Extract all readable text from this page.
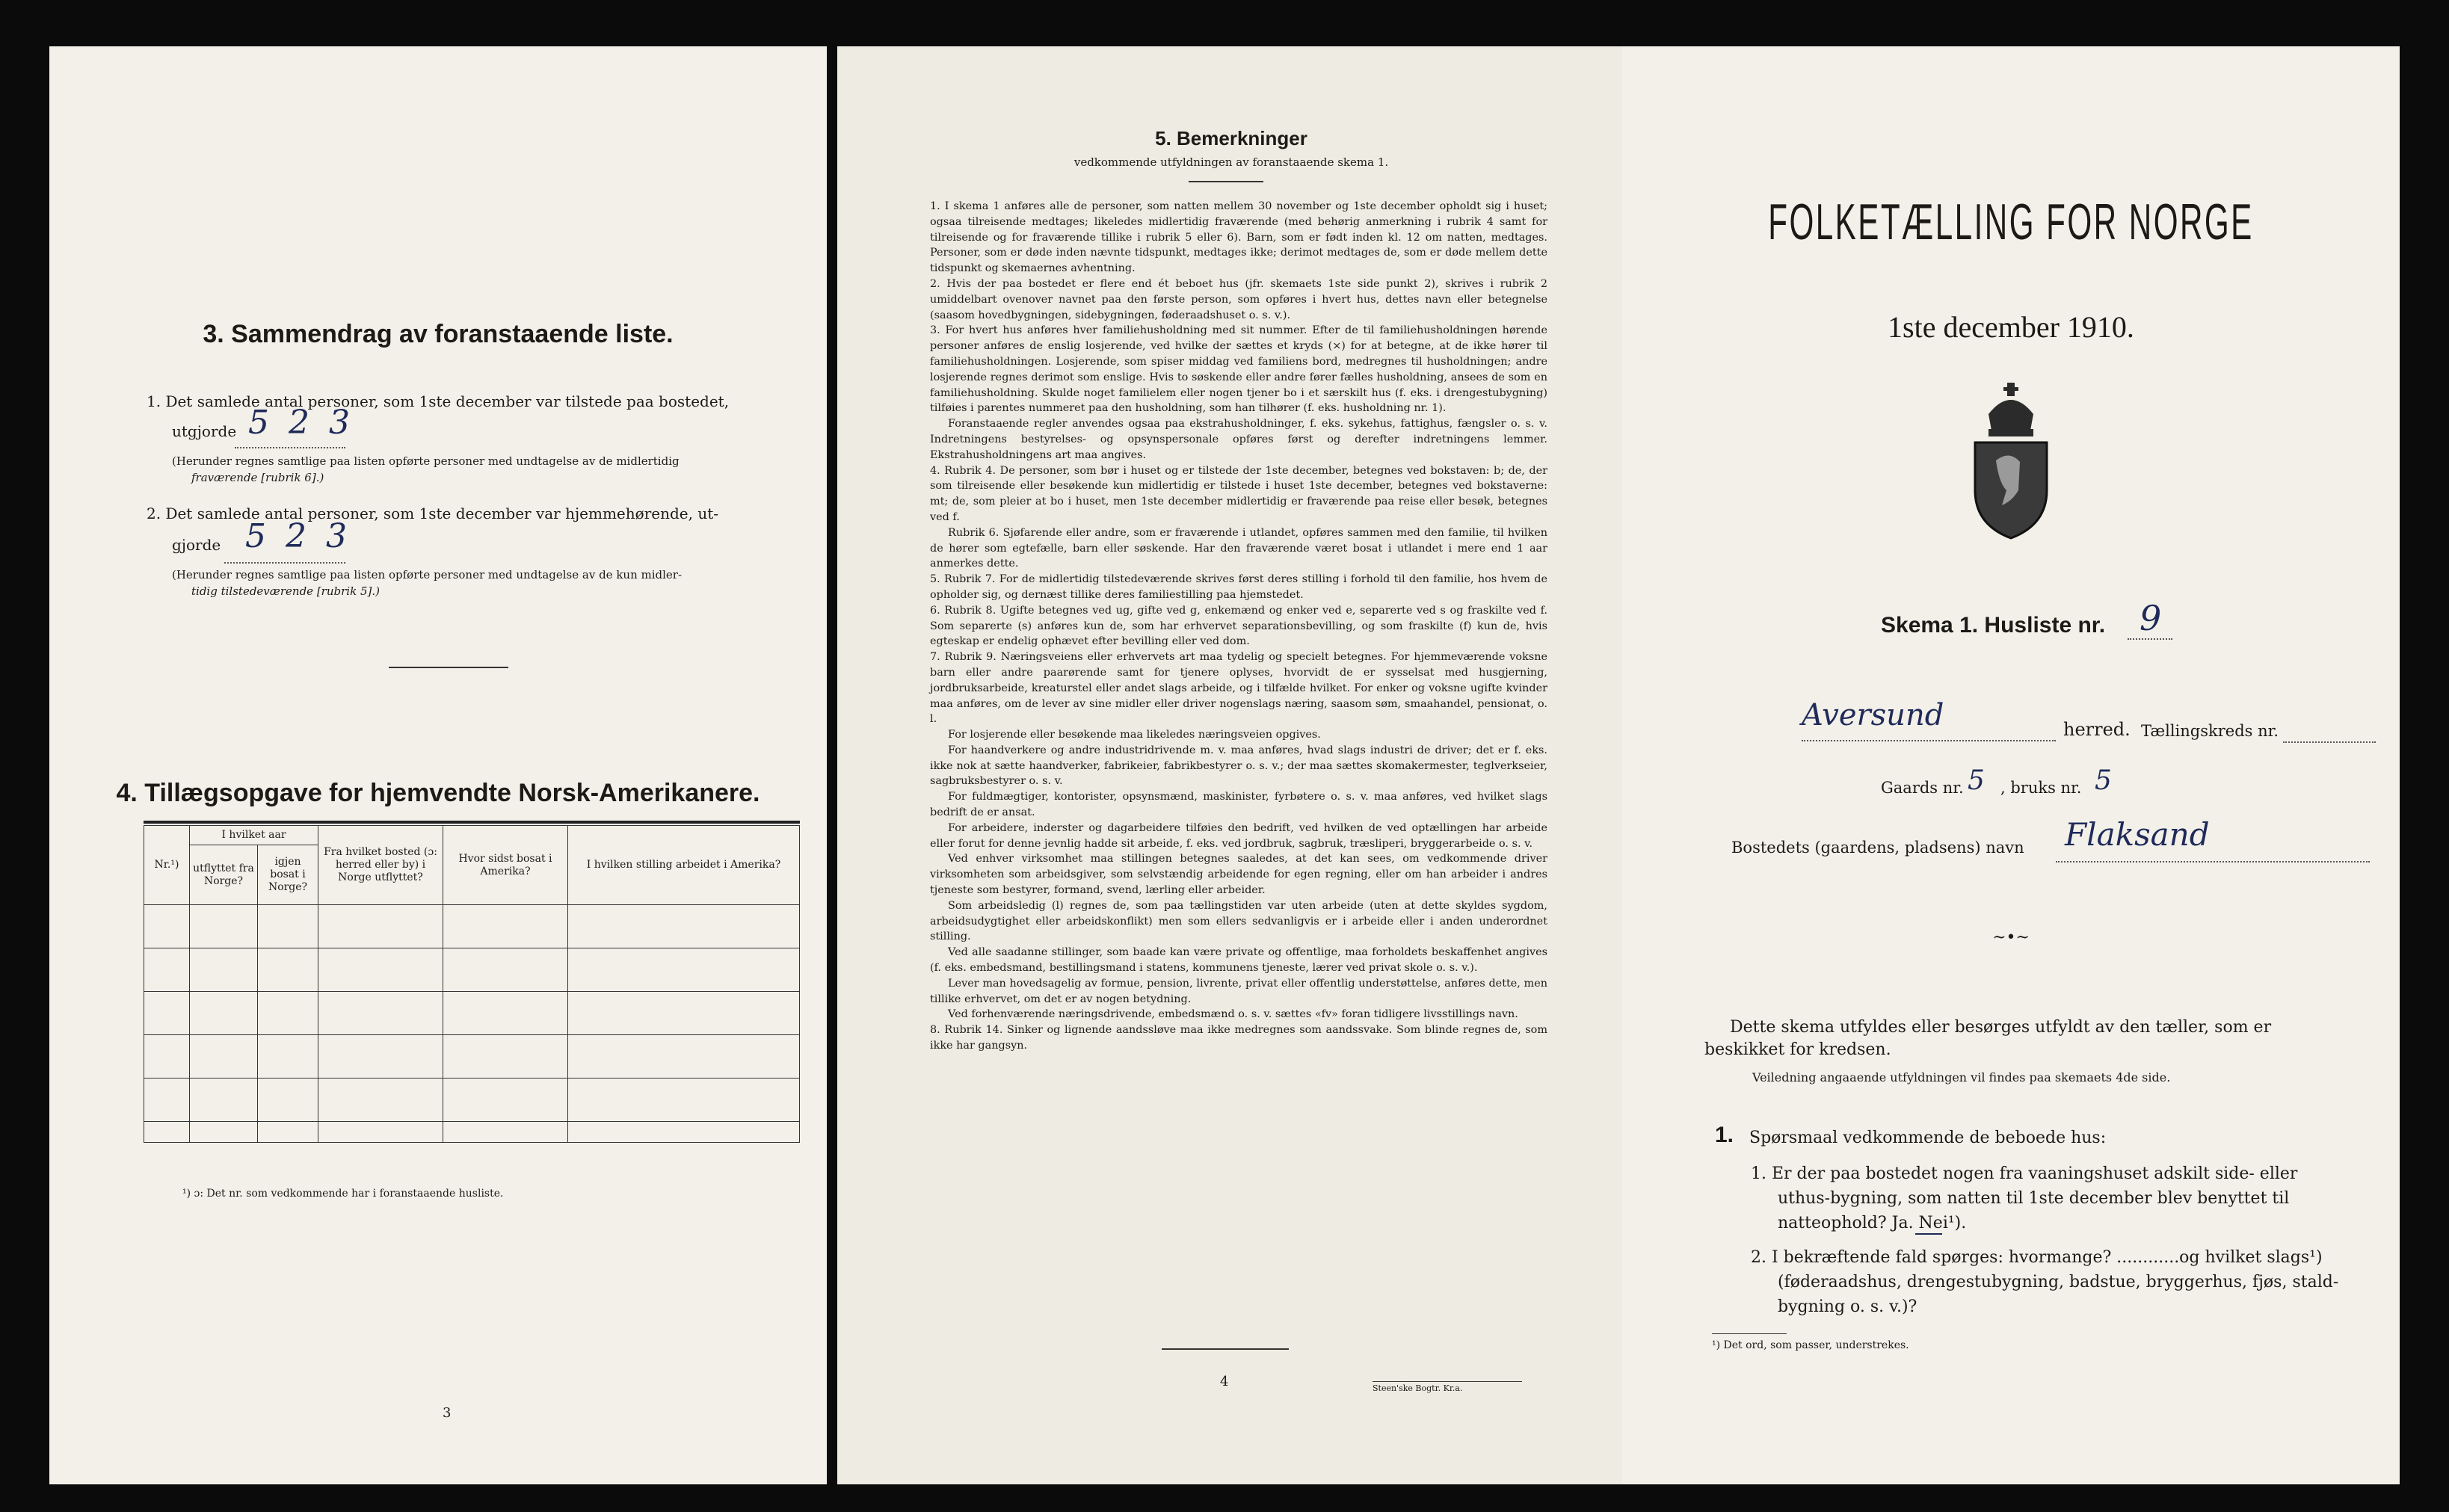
3. Sammendrag av foranstaaende liste.
1. Det samlede antal personer, som 1ste december var tilstede paa bostedet,
utgjorde 5 2 3
(Herunder regnes samtlige paa listen opførte personer med undtagelse av de midlertidig
fraværende [rubrik 6].)
2. Det samlede antal personer, som 1ste december var hjemmehørende, ut-
gjorde 5 2 3
(Herunder regnes samtlige paa listen opførte personer med undtagelse av de kun midler-
tidig tilstedeværende [rubrik 5].)
4. Tillægsopgave for hjemvendte Norsk-Amerikanere.
Nr.¹)	I hvilket aar		Fra hvilket bosted (ɔ: herred eller by) i Norge utflyttet?	Hvor sidst bosat i Amerika?	I hvilken stilling arbeidet i Amerika?
	utflyttet fra Norge?	igjen bosat i Norge?			

¹) ɔ: Det nr. som vedkommende har i foranstaaende husliste.
3
5. Bemerkninger
vedkommende utfyldningen av foranstaaende skema 1.

1. I skema 1 anføres alle de personer, som natten mellem 30 november og 1ste december opholdt sig i huset; ogsaa tilreisende medtages; likeledes midlertidig fraværende (med behørig anmerkning i rubrik 4 samt for tilreisende og for fraværende tillike i rubrik 5 eller 6). Barn, som er født inden kl. 12 om natten, medtages. Personer, som er døde inden nævnte tidspunkt, medtages ikke; derimot medtages de, som er døde mellem dette tidspunkt og skemaernes avhentning.

2. Hvis der paa bostedet er flere end ét beboet hus (jfr. skemaets 1ste side punkt 2), skrives i rubrik 2 umiddelbart ovenover navnet paa den første person, som opføres i hvert hus, dettes navn eller betegnelse (saasom hovedbygningen, sidebygningen, føderaadshuset o. s. v.).

3. For hvert hus anføres hver familiehusholdning med sit nummer. Efter de til familiehusholdningen hørende personer anføres de enslig losjerende, ved hvilke der sættes et kryds (×) for at betegne, at de ikke hører til familiehusholdningen. Losjerende, som spiser middag ved familiens bord, medregnes til husholdningen; andre losjerende regnes derimot som enslige. Hvis to søskende eller andre fører fælles husholdning, ansees de som en familiehusholdning. Skulde noget familielem eller nogen tjener bo i et særskilt hus (f. eks. i drengestubygning) tilføies i parentes nummeret paa den husholdning, som han tilhører (f. eks. husholdning nr. 1).

Foranstaaende regler anvendes ogsaa paa ekstrahusholdninger, f. eks. sykehus, fattighus, fængsler o. s. v. Indretningens bestyrelses- og opsynspersonale opføres først og derefter indretningens lemmer. Ekstrahusholdningens art maa angives.

4. Rubrik 4. De personer, som bør i huset og er tilstede der 1ste december, betegnes ved bokstaven: b; de, der som tilreisende eller besøkende kun midlertidig er tilstede i huset 1ste december, betegnes ved bokstaverne: mt; de, som pleier at bo i huset, men 1ste december midlertidig er fraværende paa reise eller besøk, betegnes ved f.

Rubrik 6. Sjøfarende eller andre, som er fraværende i utlandet, opføres sammen med den familie, til hvilken de hører som egtefælle, barn eller søskende. Har den fraværende været bosat i utlandet i mere end 1 aar anmerkes dette.

5. Rubrik 7. For de midlertidig tilstedeværende skrives først deres stilling i forhold til den familie, hos hvem de opholder sig, og dernæst tillike deres familiestilling paa hjemstedet.

6. Rubrik 8. Ugifte betegnes ved ug, gifte ved g, enkemænd og enker ved e, separerte ved s og fraskilte ved f. Som separerte (s) anføres kun de, som har erhvervet separationsbevilling, og som fraskilte (f) kun de, hvis egteskap er endelig ophævet efter bevilling eller ved dom.

7. Rubrik 9. Næringsveiens eller erhvervets art maa tydelig og specielt betegnes. For hjemmeværende voksne barn eller andre paarørende samt for tjenere oplyses, hvorvidt de er sysselsat med husgjerning, jordbruksarbeide, kreaturstel eller andet slags arbeide, og i tilfælde hvilket. For enker og voksne ugifte kvinder maa anføres, om de lever av sine midler eller driver nogenslags næring, saasom søm, smaahandel, pensionat, o. l.

For losjerende eller besøkende maa likeledes næringsveien opgives.

For haandverkere og andre industridrivende m. v. maa anføres, hvad slags industri de driver; det er f. eks. ikke nok at sætte haandverker, fabrikeier, fabrikbestyrer o. s. v.; der maa sættes skomakermester, teglverkseier, sagbruksbestyrer o. s. v.

For fuldmægtiger, kontorister, opsynsmænd, maskinister, fyrbøtere o. s. v. maa anføres, ved hvilket slags bedrift de er ansat.

For arbeidere, inderster og dagarbeidere tilføies den bedrift, ved hvilken de ved optællingen har arbeide eller forut for denne jevnlig hadde sit arbeide, f. eks. ved jordbruk, sagbruk, træsliperi, bryggerarbeide o. s. v.

Ved enhver virksomhet maa stillingen betegnes saaledes, at det kan sees, om vedkommende driver virksomheten som arbeidsgiver, som selvstændig arbeidende for egen regning, eller om han arbeider i andres tjeneste som bestyrer, formand, svend, lærling eller arbeider.

Som arbeidsledig (l) regnes de, som paa tællingstiden var uten arbeide (uten at dette skyldes sygdom, arbeidsudygtighet eller arbeidskonflikt) men som ellers sedvanligvis er i arbeide eller i anden underordnet stilling.

Ved alle saadanne stillinger, som baade kan være private og offentlige, maa forholdets beskaffenhet angives (f. eks. embedsmand, bestillingsmand i statens, kommunens tjeneste, lærer ved privat skole o. s. v.).

Lever man hovedsagelig av formue, pension, livrente, privat eller offentlig understøttelse, anføres dette, men tillike erhvervet, om det er av nogen betydning.

Ved forhenværende næringsdrivende, embedsmænd o. s. v. sættes «fv» foran tidligere livsstillings navn.

8. Rubrik 14. Sinker og lignende aandssløve maa ikke medregnes som aandssvake. Som blinde regnes de, som ikke har gangsyn.

4	Steen'ske Bogtr. Kr.a.
FOLKETÆLLING FOR NORGE
1ste december 1910.
Skema 1. Husliste nr. 9
Aversund	herred. Tællingskreds nr.
Gaards nr. 5 , bruks nr. 5
Bostedets (gaardens, pladsens) navn Flaksand
~•~
Dette skema utfyldes eller besørges utfyldt av den tæller, som er
beskikket for kredsen.
Veiledning angaaende utfyldningen vil findes paa skemaets 4de side.
1. Spørsmaal vedkommende de beboede hus:
1. Er der paa bostedet nogen fra vaaningshuset adskilt side- eller
uthus-bygning, som natten til 1ste december blev benyttet til
natteophold? Ja. Nei¹).
2. I bekræftende fald spørges: hvormange? ............og hvilket slags¹)
(føderaadshus, drengestubygning, badstue, bryggerhus, fjøs, stald-
bygning o. s. v.)?
¹) Det ord, som passer, understrekes.
